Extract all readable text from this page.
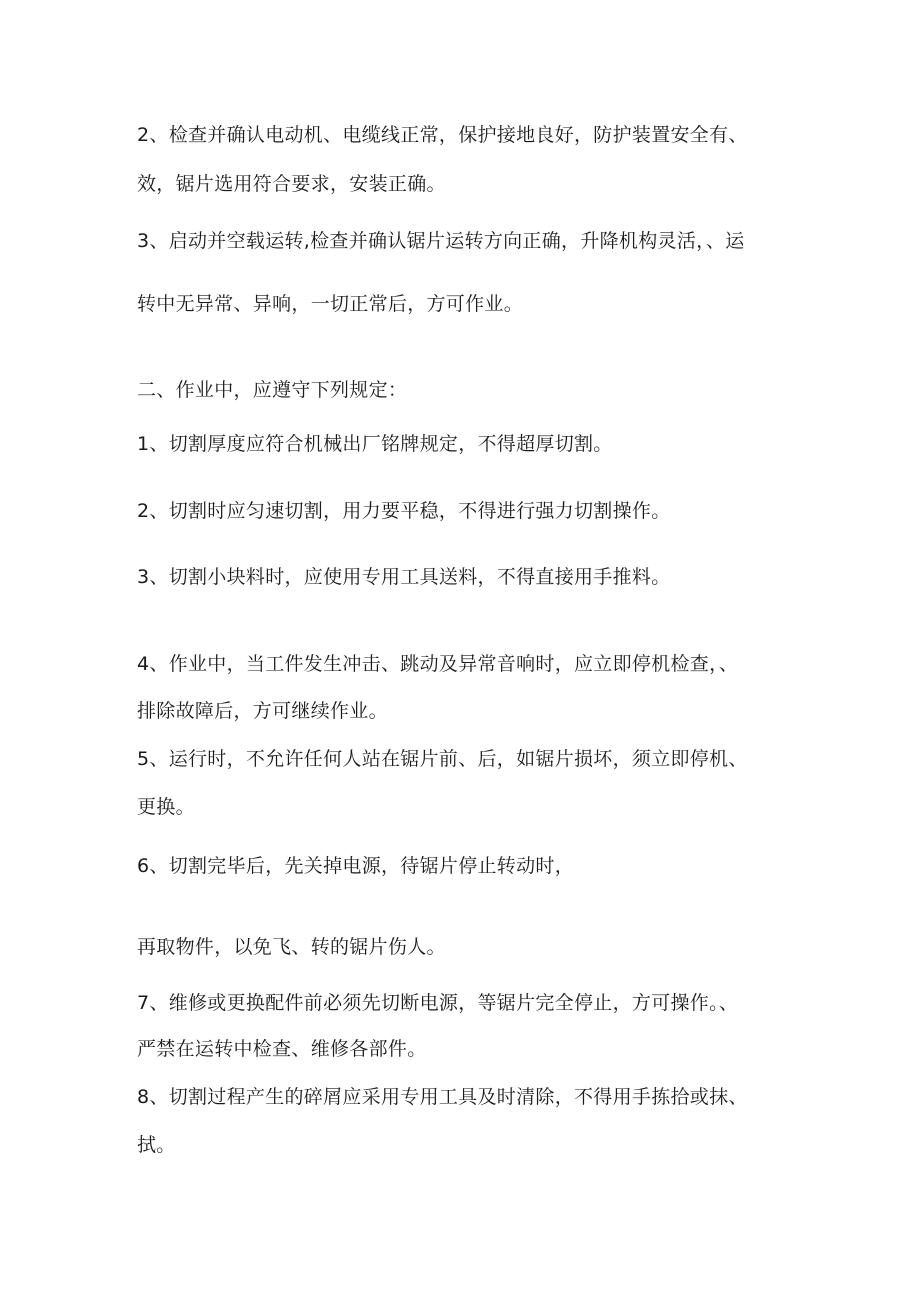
2、检查并确认电动机、电缆线正常，保护接地良好，防护装置安全有、
效，锯片选用符合要求，安装正确。
3、启动并空载运转,检查并确认锯片运转方向正确，升降机构灵活，、运
转中无异常、异响，一切正常后，方可作业。
二、作业中，应遵守下列规定：
1、切割厚度应符合机械出厂铭牌规定，不得超厚切割。
2、切割时应匀速切割，用力要平稳，不得进行强力切割操作。
3、切割小块料时，应使用专用工具送料，不得直接用手推料。
4、作业中，当工件发生冲击、跳动及异常音响时，应立即停机检查，、
排除故障后，方可继续作业。
5、运行时，不允许任何人站在锯片前、后，如锯片损坏，须立即停机、
更换。
6、切割完毕后，先关掉电源，待锯片停止转动时，
再取物件，以免飞、转的锯片伤人。
7、维修或更换配件前必须先切断电源，等锯片完全停止，方可操作。、
严禁在运转中检查、维修各部件。
8、切割过程产生的碎屑应采用专用工具及时清除，不得用手拣拾或抹、
拭。
